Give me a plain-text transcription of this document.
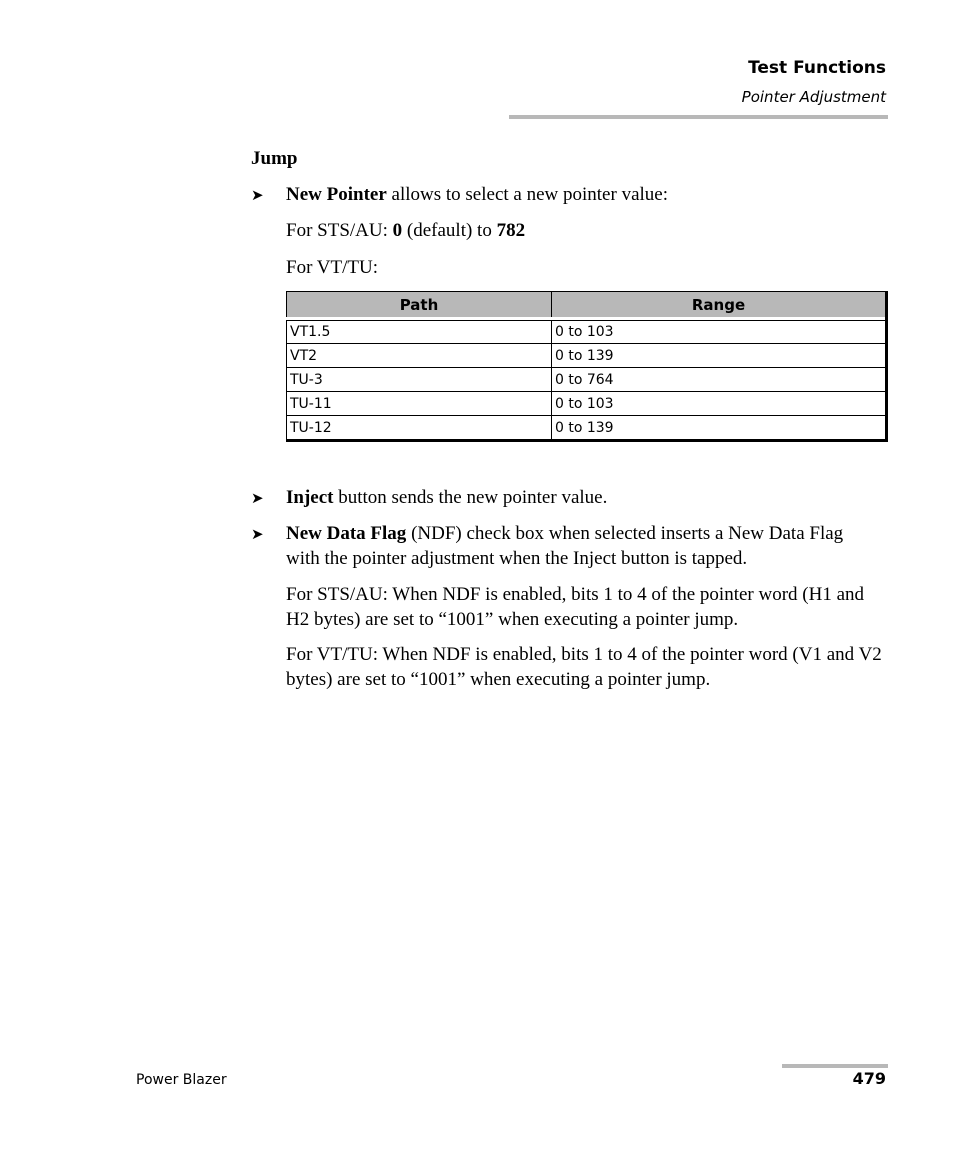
Test Functions
Pointer Adjustment
Jump
➤ New Pointer allows to select a new pointer value:

For STS/AU: 0 (default) to 782

For VT/TU:

Path	Range
VT1.5	0 to 103
VT2	0 to 139
TU-3	0 to 764
TU-11	0 to 103
TU-12	0 to 139
➤ Inject button sends the new pointer value.

➤ New Data Flag (NDF) check box when selected inserts a New Data Flag with the pointer adjustment when the Inject button is tapped.

For STS/AU: When NDF is enabled, bits 1 to 4 of the pointer word (H1 and H2 bytes) are set to “1001” when executing a pointer jump.

For VT/TU: When NDF is enabled, bits 1 to 4 of the pointer word (V1 and V2 bytes) are set to “1001” when executing a pointer jump.

Power Blazer	479
